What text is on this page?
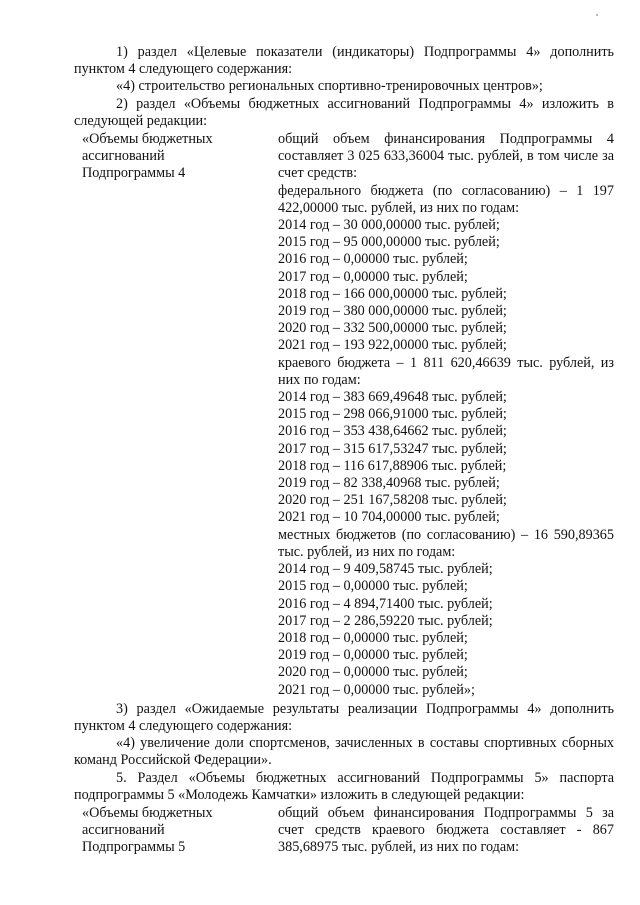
1) раздел «Целевые показатели (индикаторы) Подпрограммы 4» дополнить пунктом 4 следующего содержания:

«4) строительство региональных спортивно-тренировочных центров»;

2) раздел «Объемы бюджетных ассигнований Подпрограммы 4» изложить в следующей редакции:

«Объемы бюджетных
ассигнований
Подпрограммы 4
общий объем финансирования Подпрограммы 4 составляет 3 025 633,36004 тыс. рублей, в том числе за счет средств:
федерального бюджета (по согласованию) – 1 197 422,00000 тыс. рублей, из них по годам:
2014 год – 30 000,00000 тыс. рублей;
2015 год – 95 000,00000 тыс. рублей;
2016 год – 0,00000 тыс. рублей;
2017 год – 0,00000 тыс. рублей;
2018 год – 166 000,00000 тыс. рублей;
2019 год – 380 000,00000 тыс. рублей;
2020 год – 332 500,00000 тыс. рублей;
2021 год – 193 922,00000 тыс. рублей;
краевого бюджета – 1 811 620,46639 тыс. рублей, из них по годам:
2014 год – 383 669,49648 тыс. рублей;
2015 год – 298 066,91000 тыс. рублей;
2016 год – 353 438,64662 тыс. рублей;
2017 год – 315 617,53247 тыс. рублей;
2018 год – 116 617,88906 тыс. рублей;
2019 год – 82 338,40968 тыс. рублей;
2020 год – 251 167,58208 тыс. рублей;
2021 год – 10 704,00000 тыс. рублей;
местных бюджетов (по согласованию) – 16 590,89365 тыс. рублей, из них по годам:
2014 год – 9 409,58745 тыс. рублей;
2015 год – 0,00000 тыс. рублей;
2016 год – 4 894,71400 тыс. рублей;
2017 год – 2 286,59220 тыс. рублей;
2018 год – 0,00000 тыс. рублей;
2019 год – 0,00000 тыс. рублей;
2020 год – 0,00000 тыс. рублей;
2021 год – 0,00000 тыс. рублей»;

3) раздел «Ожидаемые результаты реализации Подпрограммы 4» дополнить пунктом 4 следующего содержания:

«4) увеличение доли спортсменов, зачисленных в составы спортивных сборных команд Российской Федерации».

5. Раздел «Объемы бюджетных ассигнований Подпрограммы 5» паспорта подпрограммы 5 «Молодежь Камчатки» изложить в следующей редакции:

«Объемы бюджетных
ассигнований
Подпрограммы 5
общий объем финансирования Подпрограммы 5 за счет средств краевого бюджета составляет - 867 385,68975 тыс. рублей, из них по годам:
